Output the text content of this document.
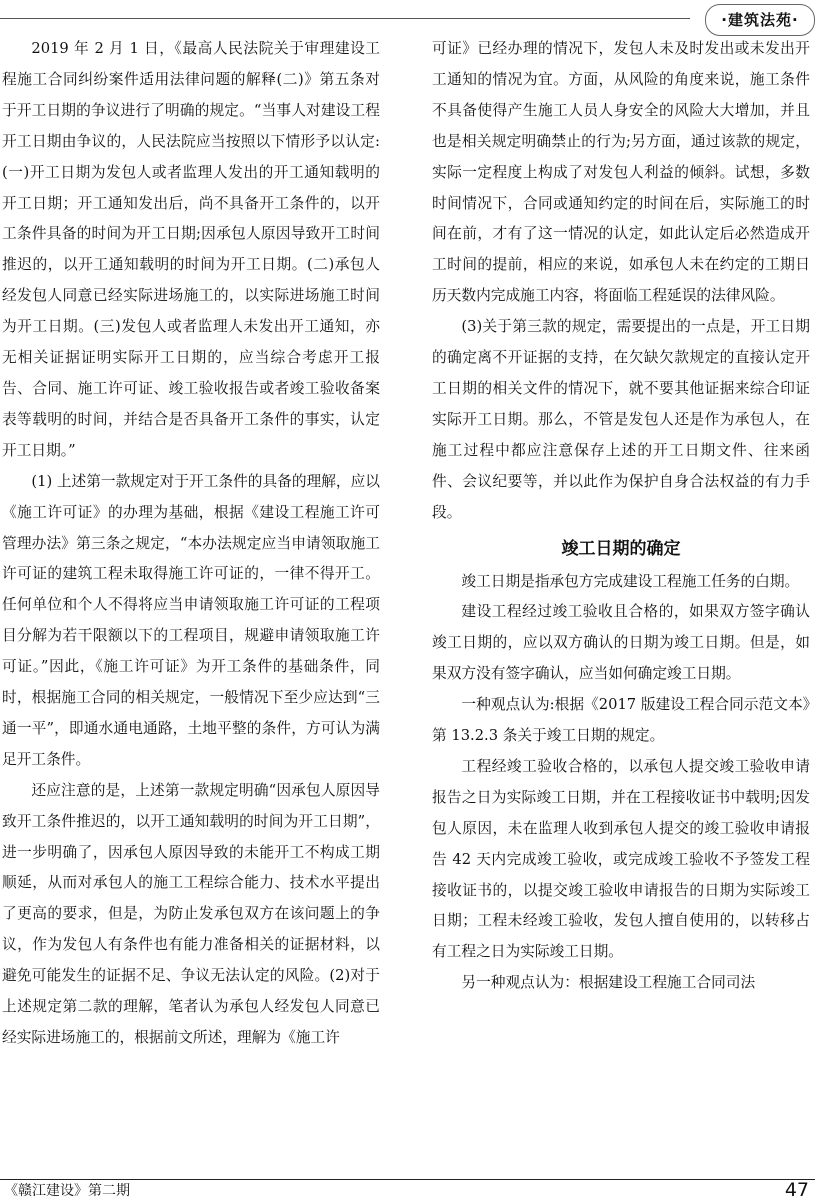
·建筑法苑·

2019 年 2 月 1 日，《最高人民法院关于审理建设工程施工合同纠纷案件适用法律问题的解释(二)》第五条对于开工日期的争议进行了明确的规定。“当事人对建设工程开工日期由争议的，人民法院应当按照以下情形予以认定:(一)开工日期为发包人或者监理人发出的开工通知载明的开工日期；开工通知发出后，尚不具备开工条件的，以开工条件具备的时间为开工日期;因承包人原因导致开工时间推迟的，以开工通知载明的时间为开工日期。(二)承包人经发包人同意已经实际进场施工的，以实际进场施工时间为开工日期。(三)发包人或者监理人未发出开工通知，亦无相关证据证明实际开工日期的，应当综合考虑开工报告、合同、施工许可证、竣工验收报告或者竣工验收备案表等载明的时间，并结合是否具备开工条件的事实，认定开工日期。”

(1) 上述第一款规定对于开工条件的具备的理解，应以《施工许可证》的办理为基础，根据《建设工程施工许可管理办法》第三条之规定，“本办法规定应当申请领取施工许可证的建筑工程未取得施工许可证的，一律不得开工。任何单位和个人不得将应当申请领取施工许可证的工程项目分解为若干限额以下的工程项目，规避申请领取施工许可证。”因此，《施工许可证》为开工条件的基础条件，同时，根据施工合同的相关规定，一般情况下至少应达到“三通一平”，即通水通电通路，土地平整的条件，方可认为满足开工条件。

还应注意的是，上述第一款规定明确“因承包人原因导致开工条件推迟的，以开工通知载明的时间为开工日期”，进一步明确了，因承包人原因导致的未能开工不构成工期顺延，从而对承包人的施工工程综合能力、技术水平提出了更高的要求，但是，为防止发承包双方在该问题上的争议，作为发包人有条件也有能力准备相关的证据材料，以避免可能发生的证据不足、争议无法认定的风险。(2)对于上述规定第二款的理解，笔者认为承包人经发包人同意已经实际进场施工的，根据前文所述，理解为《施工许

可证》已经办理的情况下，发包人未及时发出或未发出开工通知的情况为宜。方面，从风险的角度来说，施工条件不具备使得产生施工人员人身安全的风险大大增加，并且也是相关规定明确禁止的行为;另方面，通过该款的规定，实际一定程度上构成了对发包人利益的倾斜。试想，多数时间情况下，合同或通知约定的时间在后，实际施工的时间在前，才有了这一情况的认定，如此认定后必然造成开工时间的提前，相应的来说，如承包人未在约定的工期日历天数内完成施工内容，将面临工程延误的法律风险。

(3)关于第三款的规定，需要提出的一点是，开工日期的确定离不开证据的支持，在欠缺欠款规定的直接认定开工日期的相关文件的情况下，就不要其他证据来综合印证实际开工日期。那么，不管是发包人还是作为承包人，在施工过程中都应注意保存上述的开工日期文件、往来函件、会议纪要等，并以此作为保护自身合法权益的有力手段。

竣工日期的确定

竣工日期是指承包方完成建设工程施工任务的白期。

建设工程经过竣工验收且合格的，如果双方签字确认竣工日期的，应以双方确认的日期为竣工日期。但是，如果双方没有签字确认，应当如何确定竣工日期。

一种观点认为:根据《2017 版建设工程合同示范文本》第 13.2.3 条关于竣工日期的规定。

工程经竣工验收合格的，以承包人提交竣工验收申请报告之日为实际竣工日期，并在工程接收证书中载明;因发包人原因，未在监理人收到承包人提交的竣工验收申请报告 42 天内完成竣工验收，或完成竣工验收不予签发工程接收证书的，以提交竣工验收申请报告的日期为实际竣工日期；工程未经竣工验收，发包人擅自使用的，以转移占有工程之日为实际竣工日期。

另一种观点认为：根据建设工程施工合同司法

《赣江建设》第二期	47
